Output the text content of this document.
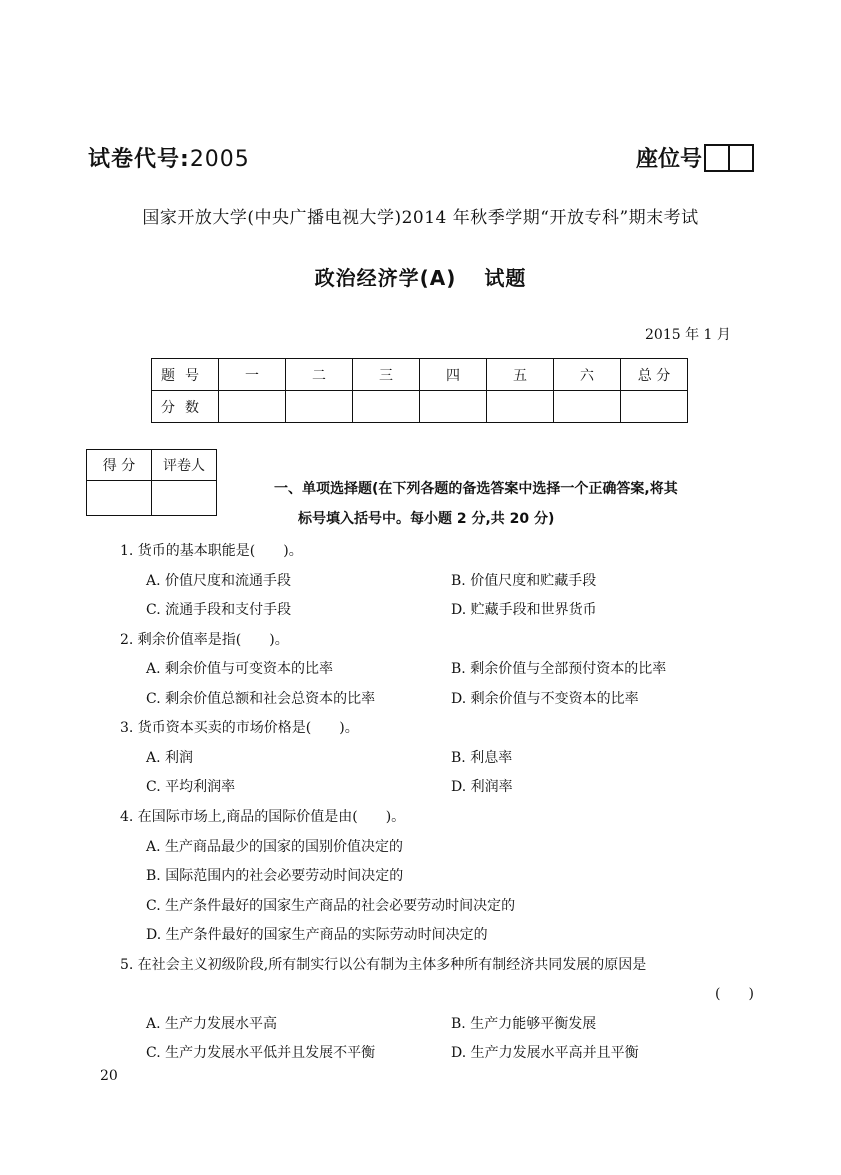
试卷代号:2005	座位号
国家开放大学(中央广播电视大学)2014 年秋季学期“开放专科”期末考试
政治经济学(A) 试题
2015 年 1 月
题号	一	二	三	四	五	六	总 分
分数							
得 分	评卷人

一、单项选择题(在下列各题的备选答案中选择一个正确答案,将其
标号填入括号中。每小题 2 分,共 20 分)
1. 货币的基本职能是(　　)。
A. 价值尺度和流通手段	B. 价值尺度和贮藏手段
C. 流通手段和支付手段	D. 贮藏手段和世界货币
2. 剩余价值率是指(　　)。
A. 剩余价值与可变资本的比率	B. 剩余价值与全部预付资本的比率
C. 剩余价值总额和社会总资本的比率	D. 剩余价值与不变资本的比率
3. 货币资本买卖的市场价格是(　　)。
A. 利润	B. 利息率
C. 平均利润率	D. 利润率
4. 在国际市场上,商品的国际价值是由(　　)。
A. 生产商品最少的国家的国别价值决定的
B. 国际范围内的社会必要劳动时间决定的
C. 生产条件最好的国家生产商品的社会必要劳动时间决定的
D. 生产条件最好的国家生产商品的实际劳动时间决定的
5. 在社会主义初级阶段,所有制实行以公有制为主体多种所有制经济共同发展的原因是
(　　)
A. 生产力发展水平高	B. 生产力能够平衡发展
C. 生产力发展水平低并且发展不平衡	D. 生产力发展水平高并且平衡
20
